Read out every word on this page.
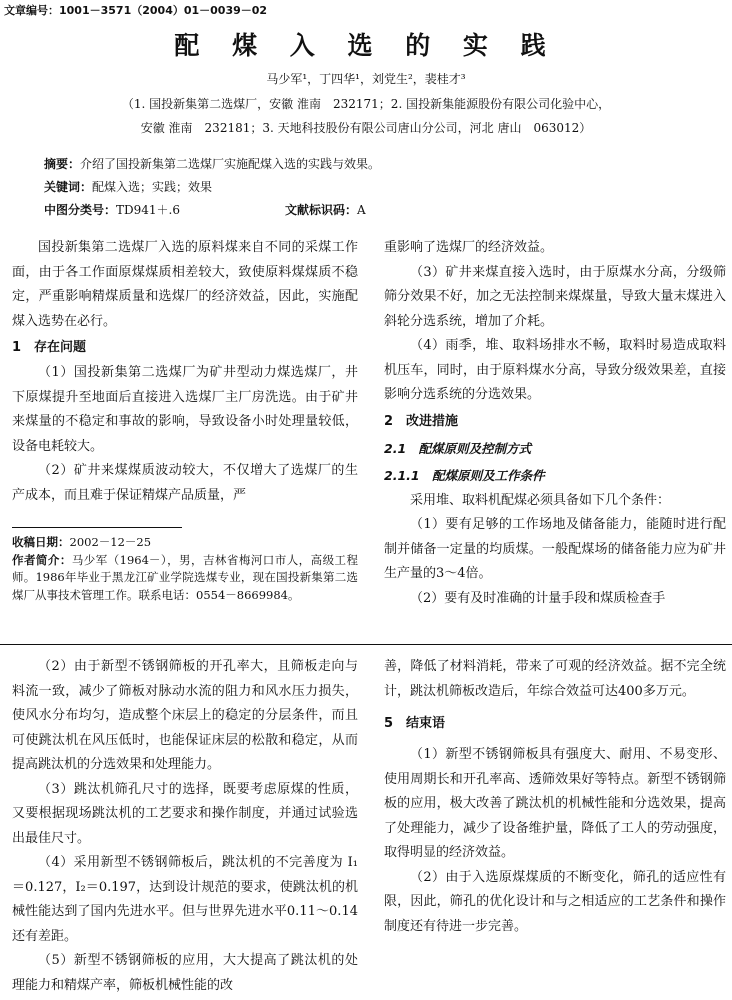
文章编号：1001－3571（2004）01－0039－02
配 煤 入 选 的 实 践
马少军¹，丁四华¹，刘党生²，裴桂才³
（1. 国投新集第二选煤厂，安徽 淮南　232171；2. 国投新集能源股份有限公司化验中心，
安徽 淮南　232181；3. 天地科技股份有限公司唐山分公司，河北 唐山　063012）
摘要：介绍了国投新集第二选煤厂实施配煤入选的实践与效果。
关键词：配煤入选；实践；效果
中图分类号：TD941＋.6	文献标识码：A

国投新集第二选煤厂入选的原料煤来自不同的采煤工作面，由于各工作面原煤煤质相差较大，致使原料煤煤质不稳定，严重影响精煤质量和选煤厂的经济效益，因此，实施配煤入选势在必行。

1　存在问题

（1）国投新集第二选煤厂为矿井型动力煤选煤厂，井下原煤提升至地面后直接进入选煤厂主厂房洗选。由于矿井来煤量的不稳定和事故的影响，导致设备小时处理量较低，设备电耗较大。

（2）矿井来煤煤质波动较大，不仅增大了选煤厂的生产成本，而且难于保证精煤产品质量，严

重影响了选煤厂的经济效益。

（3）矿井来煤直接入选时，由于原煤水分高，分级筛筛分效果不好，加之无法控制来煤煤量，导致大量末煤进入斜轮分选系统，增加了介耗。

（4）雨季，堆、取料场排水不畅，取料时易造成取料机压车，同时，由于原料煤水分高，导致分级效果差，直接影响分选系统的分选效果。

2　改进措施
2.1　配煤原则及控制方式
2.1.1　配煤原则及工作条件

采用堆、取料机配煤必须具备如下几个条件：

（1）要有足够的工作场地及储备能力，能随时进行配制并储备一定量的均质煤。一般配煤场的储备能力应为矿井生产量的3～4倍。

（2）要有及时准确的计量手段和煤质检查手

收稿日期：2002－12－25

作者简介：马少军（1964－），男，吉林省梅河口市人，高级工程师。1986年毕业于黑龙江矿业学院选煤专业，现在国投新集第二选煤厂从事技术管理工作。联系电话：0554－8669984。

（2）由于新型不锈钢筛板的开孔率大，且筛板走向与料流一致，减少了筛板对脉动水流的阻力和风水压力损失，使风水分布均匀，造成整个床层上的稳定的分层条件，而且可使跳汰机在风压低时，也能保证床层的松散和稳定，从而提高跳汰机的分选效果和处理能力。

（3）跳汰机筛孔尺寸的选择，既要考虑原煤的性质，又要根据现场跳汰机的工艺要求和操作制度，并通过试验选出最佳尺寸。

（4）采用新型不锈钢筛板后，跳汰机的不完善度为 I₁＝0.127，I₂＝0.197，达到设计规范的要求，使跳汰机的机械性能达到了国内先进水平。但与世界先进水平0.11～0.14还有差距。

（5）新型不锈钢筛板的应用，大大提高了跳汰机的处理能力和精煤产率，筛板机械性能的改

善，降低了材料消耗，带来了可观的经济效益。据不完全统计，跳汰机筛板改造后，年综合效益可达400多万元。

5　结束语

（1）新型不锈钢筛板具有强度大、耐用、不易变形、使用周期长和开孔率高、透筛效果好等特点。新型不锈钢筛板的应用，极大改善了跳汰机的机械性能和分选效果，提高了处理能力，减少了设备维护量，降低了工人的劳动强度，取得明显的经济效益。

（2）由于入选原煤煤质的不断变化，筛孔的适应性有限，因此，筛孔的优化设计和与之相适应的工艺条件和操作制度还有待进一步完善。
